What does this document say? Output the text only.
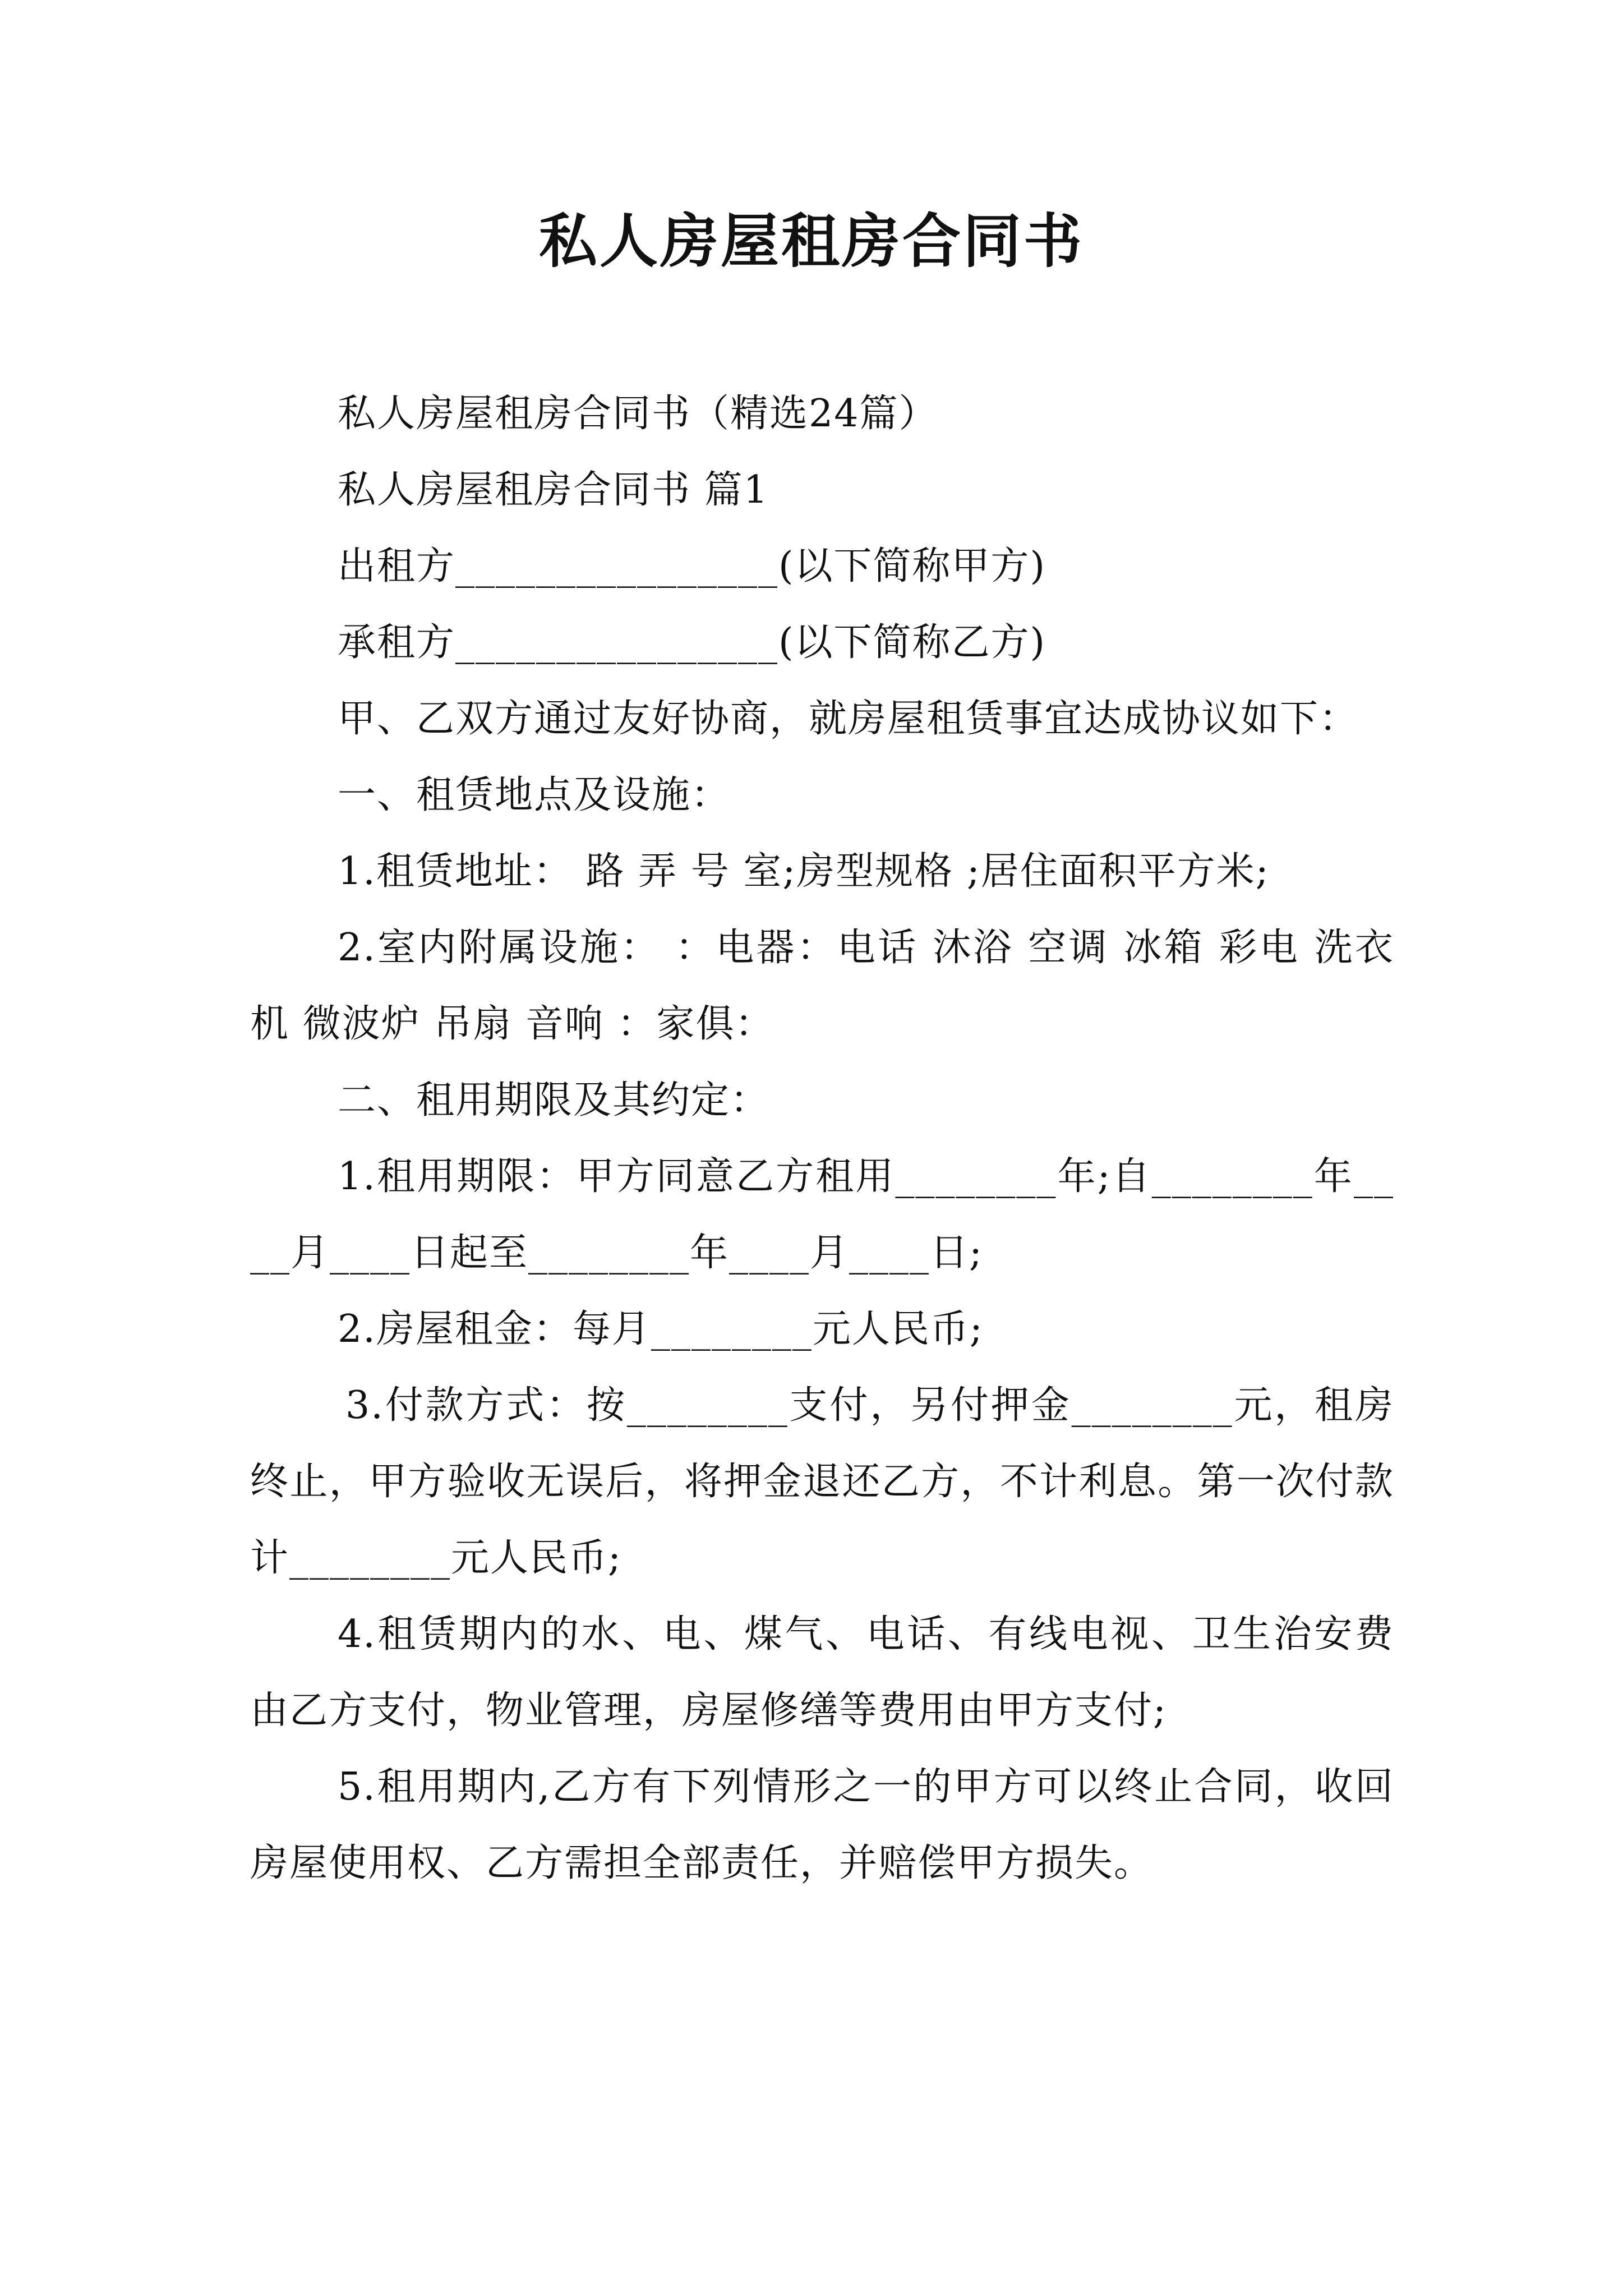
私人房屋租房合同书

私人房屋租房合同书（精选24篇）

私人房屋租房合同书 篇1

出租方________________(以下简称甲方)

承租方________________(以下简称乙方)

甲、乙双方通过友好协商，就房屋租赁事宜达成协议如下：

一、租赁地点及设施：

1.租赁地址： 路 弄 号 室;房型规格 ;居住面积平方米;

2.室内附属设施： ：电器：电话 沐浴 空调 冰箱 彩电 洗衣机 微波炉 吊扇 音响 ：家俱：

二、租用期限及其约定：

1.租用期限：甲方同意乙方租用________年;自________年____月____日起至________年____月____日;

2.房屋租金：每月________元人民币;

3.付款方式：按________支付，另付押金________元，租房终止，甲方验收无误后，将押金退还乙方，不计利息。第一次付款计________元人民币;

4.租赁期内的水、电、煤气、电话、有线电视、卫生治安费由乙方支付，物业管理，房屋修缮等费用由甲方支付;

5.租用期内,乙方有下列情形之一的甲方可以终止合同，收回房屋使用权、乙方需担全部责任，并赔偿甲方损失。
